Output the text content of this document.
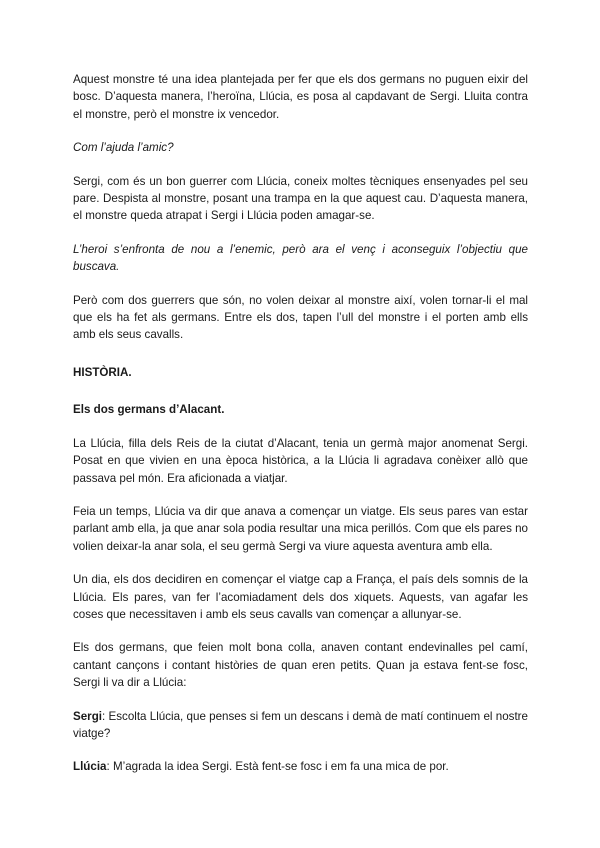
Aquest monstre té una idea plantejada per fer que els dos germans no puguen eixir del bosc. D’aquesta manera, l’heroïna, Llúcia, es posa al capdavant de Sergi. Lluita contra el monstre, però el monstre ix vencedor.

Com l’ajuda l’amic?

Sergi, com és un bon guerrer com Llúcia, coneix moltes tècniques ensenyades pel seu pare. Despista al monstre, posant una trampa en la que aquest cau. D’aquesta manera, el monstre queda atrapat i Sergi i Llúcia poden amagar-se.

L’heroi s’enfronta de nou a l’enemic, però ara el venç i aconseguix l’objectiu que buscava.

Però com dos guerrers que són, no volen deixar al monstre així, volen tornar-li el mal que els ha fet als germans. Entre els dos, tapen l’ull del monstre i el porten amb ells amb els seus cavalls.

HISTÒRIA.

Els dos germans d’Alacant.

La Llúcia, filla dels Reis de la ciutat d’Alacant, tenia un germà major anomenat Sergi. Posat en que vivien en una època històrica, a la Llúcia li agradava conèixer allò que passava pel món. Era aficionada a viatjar.

Feia un temps, Llúcia va dir que anava a començar un viatge. Els seus pares van estar parlant amb ella, ja que anar sola podia resultar una mica perillós. Com que els pares no volien deixar-la anar sola, el seu germà Sergi va viure aquesta aventura amb ella.

Un dia, els dos decidiren en començar el viatge cap a França, el país dels somnis de la Llúcia. Els pares, van fer l’acomiadament dels dos xiquets. Aquests, van agafar les coses que necessitaven i amb els seus cavalls van començar a allunyar-se.

Els dos germans, que feien molt bona colla, anaven contant endevinalles pel camí, cantant cançons i contant històries de quan eren petits. Quan ja estava fent-se fosc, Sergi li va dir a Llúcia:

Sergi: Escolta Llúcia, que penses si fem un descans i demà de matí continuem el nostre viatge?

Llúcia: M’agrada la idea Sergi. Està fent-se fosc i em fa una mica de por.
